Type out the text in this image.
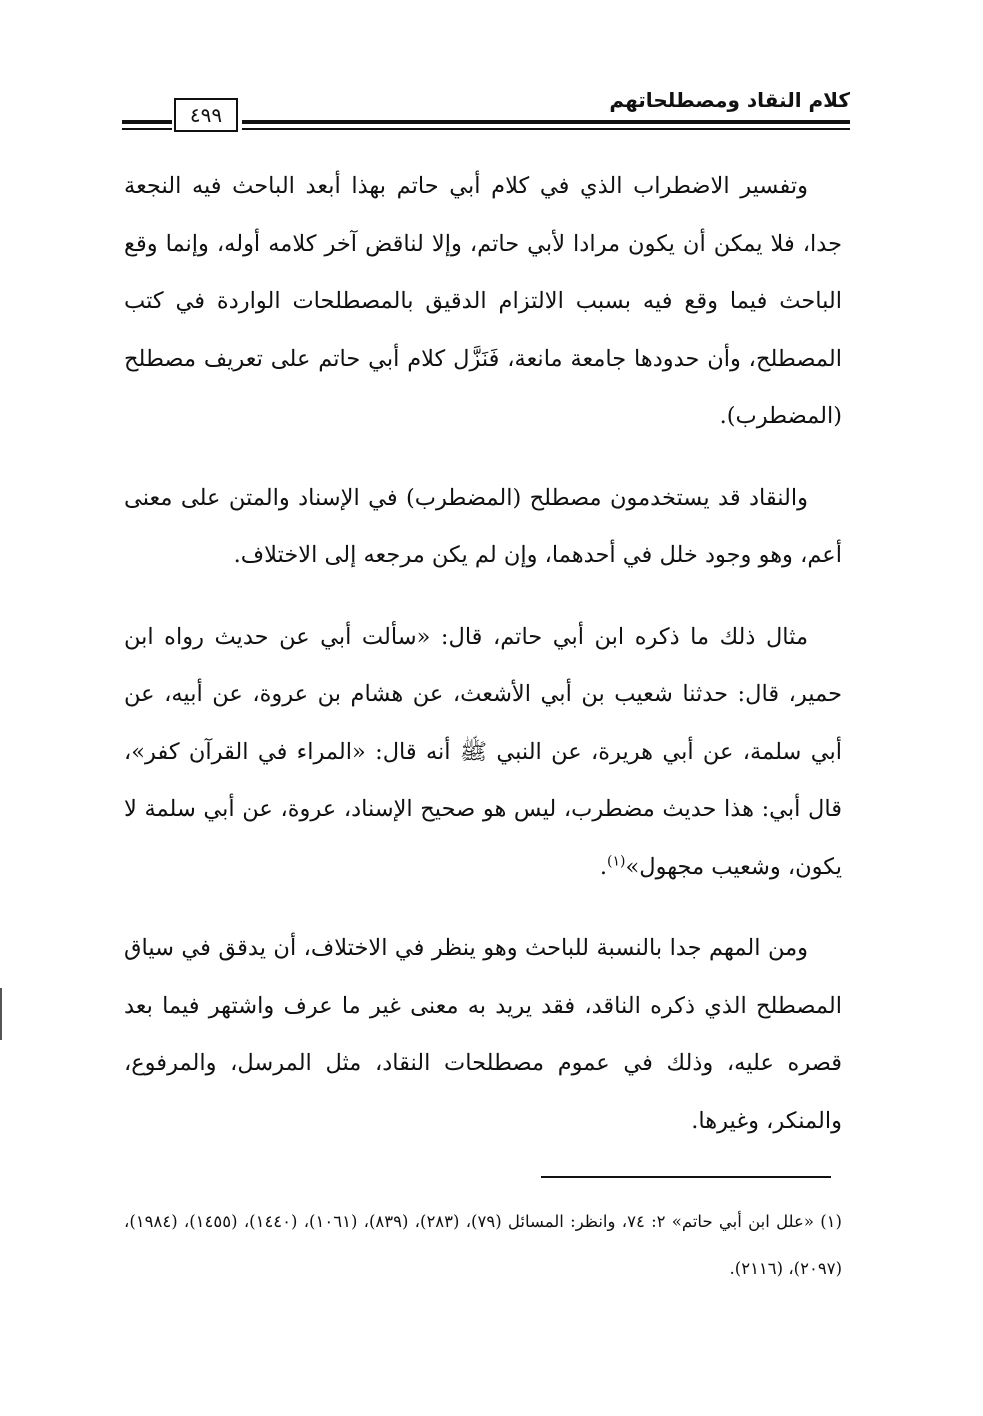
كلام النقاد ومصطلحاتهم
٤٩٩

وتفسير الاضطراب الذي في كلام أبي حاتم بهذا أبعد الباحث فيه النجعة جدا، فلا يمكن أن يكون مرادا لأبي حاتم، وإلا لناقض آخر كلامه أوله، وإنما وقع الباحث فيما وقع فيه بسبب الالتزام الدقيق بالمصطلحات الواردة في كتب المصطلح، وأن حدودها جامعة مانعة، فَنَزَّل كلام أبي حاتم على تعريف مصطلح (المضطرب).

والنقاد قد يستخدمون مصطلح (المضطرب) في الإسناد والمتن على معنى أعم، وهو وجود خلل في أحدهما، وإن لم يكن مرجعه إلى الاختلاف.

مثال ذلك ما ذكره ابن أبي حاتم، قال: «سألت أبي عن حديث رواه ابن حمير، قال: حدثنا شعيب بن أبي الأشعث، عن هشام بن عروة، عن أبيه، عن أبي سلمة، عن أبي هريرة، عن النبي ﷺ أنه قال: «المراء في القرآن كفر»، قال أبي: هذا حديث مضطرب، ليس هو صحيح الإسناد، عروة، عن أبي سلمة لا يكون، وشعيب مجهول»$^{(١)}$.

ومن المهم جدا بالنسبة للباحث وهو ينظر في الاختلاف، أن يدقق في سياق المصطلح الذي ذكره الناقد، فقد يريد به معنى غير ما عرف واشتهر فيما بعد قصره عليه، وذلك في عموم مصطلحات النقاد، مثل المرسل، والمرفوع، والمنكر، وغيرها.

(١) «علل ابن أبي حاتم» ٢: ٧٤، وانظر: المسائل (٧٩)، (٢٨٣)، (٨٣٩)، (١٠٦١)، (١٤٤٠)، (١٤٥٥)، (١٩٨٤)، (٢٠٩٧)، (٢١١٦).
